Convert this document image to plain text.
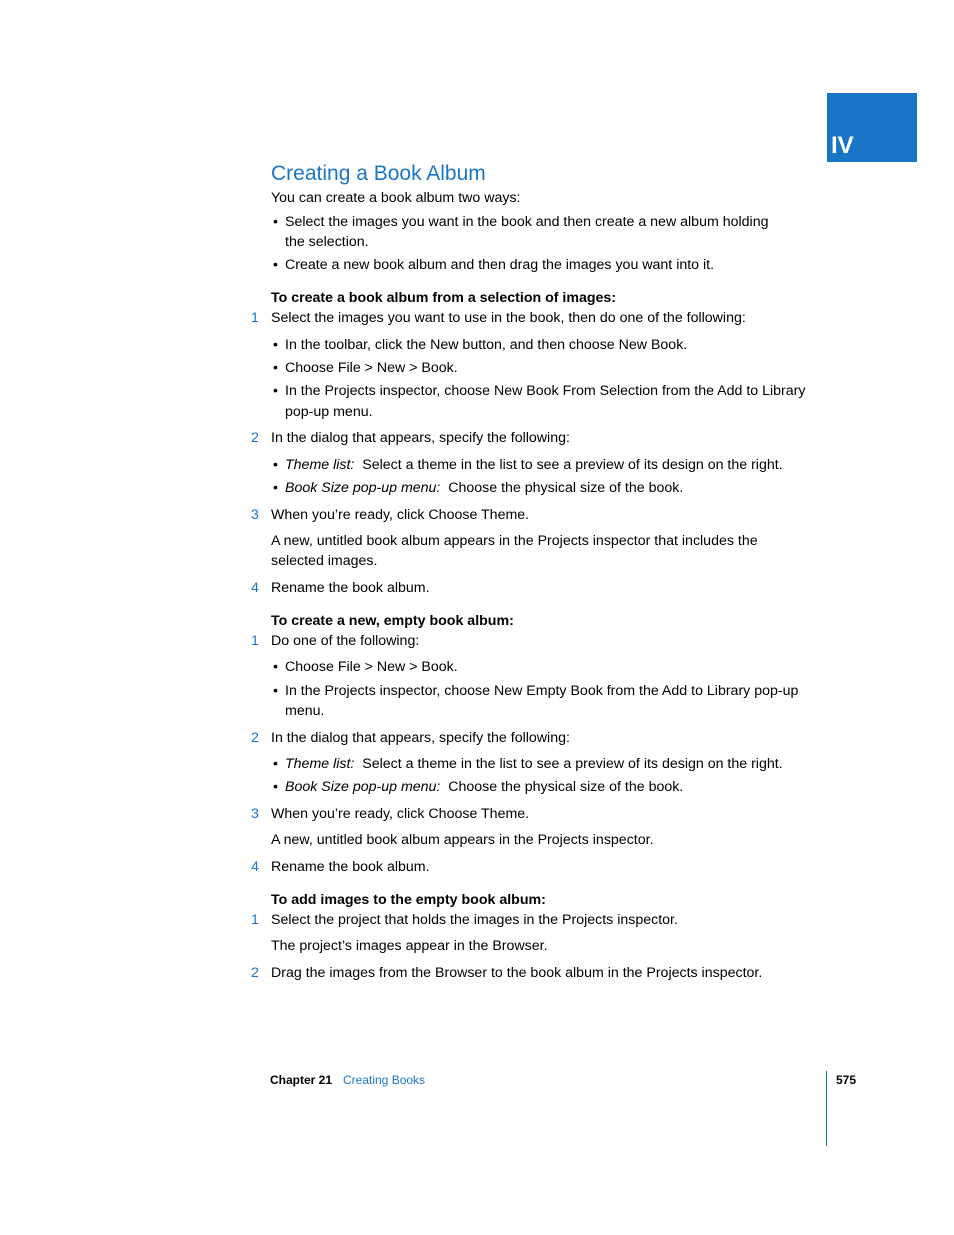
IV
Creating a Book Album
You can create a book album two ways:
• Select the images you want in the book and then create a new album holding
the selection.
• Create a new book album and then drag the images you want into it.
To create a book album from a selection of images:
1 Select the images you want to use in the book, then do one of the following:
• In the toolbar, click the New button, and then choose New Book.
• Choose File > New > Book.
• In the Projects inspector, choose New Book From Selection from the Add to Library
pop-up menu.
2 In the dialog that appears, specify the following:
• Theme list: Select a theme in the list to see a preview of its design on the right.
• Book Size pop-up menu: Choose the physical size of the book.
3 When you’re ready, click Choose Theme.
A new, untitled book album appears in the Projects inspector that includes the
selected images.
4 Rename the book album.
To create a new, empty book album:
1 Do one of the following:
• Choose File > New > Book.
• In the Projects inspector, choose New Empty Book from the Add to Library pop-up
menu.
2 In the dialog that appears, specify the following:
• Theme list: Select a theme in the list to see a preview of its design on the right.
• Book Size pop-up menu: Choose the physical size of the book.
3 When you’re ready, click Choose Theme.
A new, untitled book album appears in the Projects inspector.
4 Rename the book album.
To add images to the empty book album:
1 Select the project that holds the images in the Projects inspector.
The project’s images appear in the Browser.
2 Drag the images from the Browser to the book album in the Projects inspector.
Chapter 21 Creating Books	575
